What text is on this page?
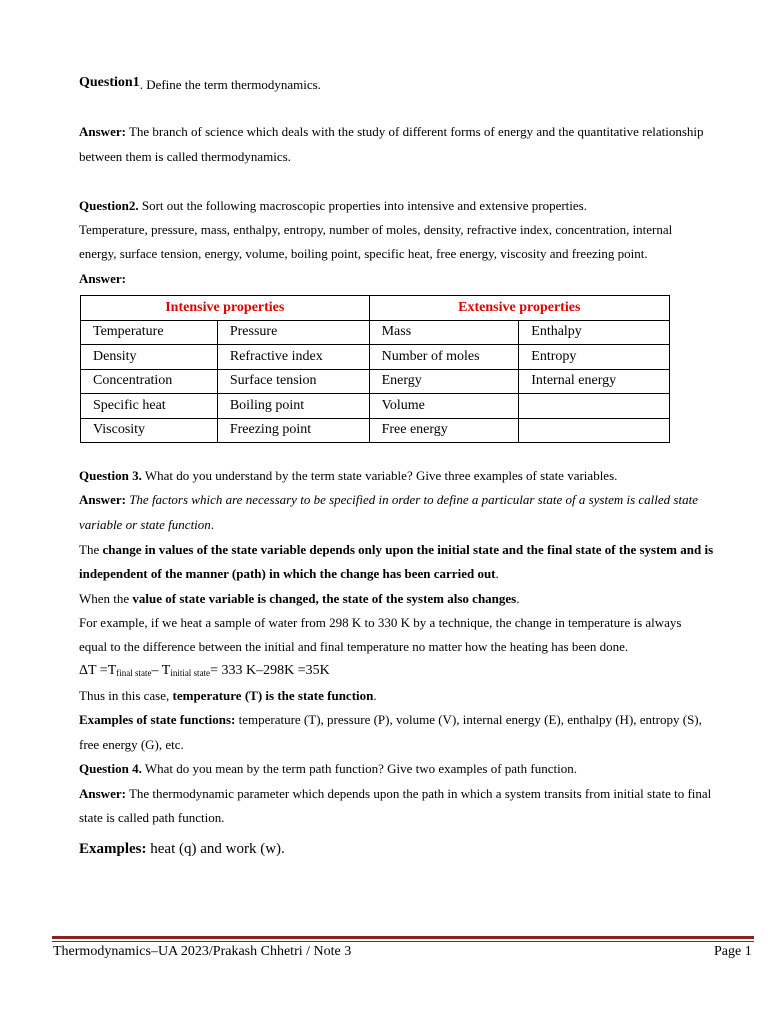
Question1. Define the term thermodynamics.
Answer: The branch of science which deals with the study of different forms of energy and the quantitative relationship
between them is called thermodynamics.
Question2. Sort out the following macroscopic properties into intensive and extensive properties.
Temperature, pressure, mass, enthalpy, entropy, number of moles, density, refractive index, concentration, internal
energy, surface tension, energy, volume, boiling point, specific heat, free energy, viscosity and freezing point.
Answer:
Intensive properties		Extensive properties	
Temperature	Pressure	Mass	Enthalpy
Density	Refractive index	Number of moles	Entropy
Concentration	Surface tension	Energy	Internal energy
Specific heat	Boiling point	Volume	
Viscosity	Freezing point	Free energy	
Question 3. What do you understand by the term state variable? Give three examples of state variables.
Answer: The factors which are necessary to be specified in order to define a particular state of a system is called state
variable or state function.
The change in values of the state variable depends only upon the initial state and the final state of the system and is
independent of the manner (path) in which the change has been carried out.
When the value of state variable is changed, the state of the system also changes.
For example, if we heat a sample of water from 298 K to 330 K by a technique, the change in temperature is always
equal to the difference between the initial and final temperature no matter how the heating has been done.
$\Delta T =T_{final state}-$ $T_{initial state}= 333$ K–298K =35K
Thus in this case, temperature (T) is the state function.
Examples of state functions: temperature (T), pressure (P), volume (V), internal energy (E), enthalpy (H), entropy (S),
free energy (G), etc.
Question 4. What do you mean by the term path function? Give two examples of path function.
Answer: The thermodynamic parameter which depends upon the path in which a system transits from initial state to final
state is called path function.
Examples: heat (q) and work (w).
Thermodynamics–UA 2023/Prakash Chhetri / Note 3	Page 1
